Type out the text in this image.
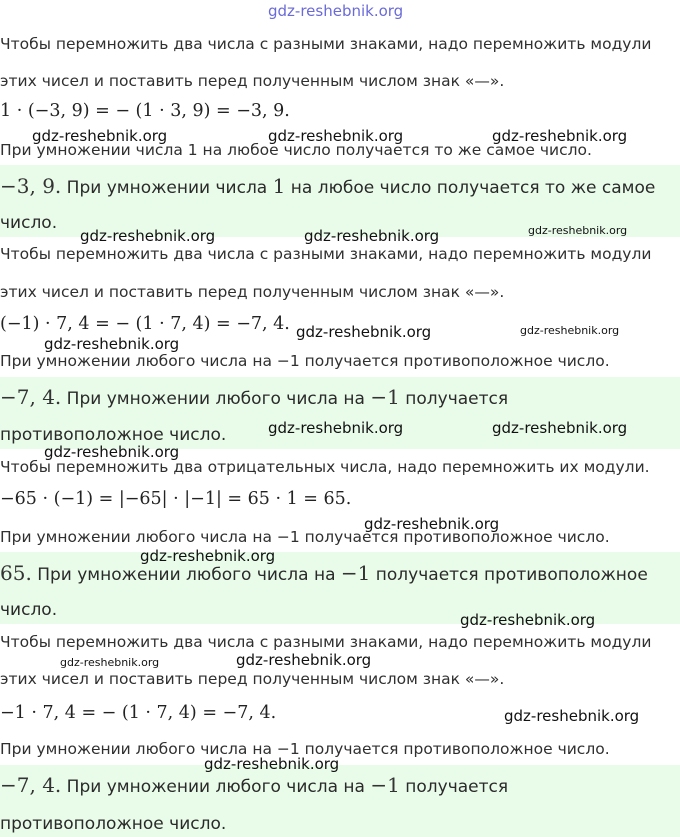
gdz-reshebnik.org
Чтобы перемножить два числа с разными знаками, надо перемножить модули
этих чисел и поставить перед полученным числом знак «—».
1 · (−3, 9) = − (1 · 3, 9) = −3, 9.
При умножении числа 1 на любое число получается то же самое число.
−3, 9. При умножении числа 1 на любое число получается то же самое
число.
Чтобы перемножить два числа с разными знаками, надо перемножить модули
этих чисел и поставить перед полученным числом знак «—».
(−1) · 7, 4 = − (1 · 7, 4) = −7, 4.
При умножении любого числа на −1 получается противоположное число.
−7, 4. При умножении любого числа на −1 получается
противоположное число.
Чтобы перемножить два отрицательных числа, надо перемножить их модули.
−65 · (−1) = |−65| · |−1| = 65 · 1 = 65.
При умножении любого числа на −1 получается противоположное число.
65. При умножении любого числа на −1 получается противоположное
число.
Чтобы перемножить два числа с разными знаками, надо перемножить модули
этих чисел и поставить перед полученным числом знак «—».
−1 · 7, 4 = − (1 · 7, 4) = −7, 4.
При умножении любого числа на −1 получается противоположное число.
−7, 4. При умножении любого числа на −1 получается
противоположное число.
gdz-reshebnik.org	gdz-reshebnik.org	gdz-reshebnik.org
gdz-reshebnik.org	gdz-reshebnik.org	gdz-reshebnik.org
gdz-reshebnik.org	gdz-reshebnik.org
gdz-reshebnik.org
gdz-reshebnik.org	gdz-reshebnik.org
gdz-reshebnik.org
gdz-reshebnik.org
gdz-reshebnik.org
gdz-reshebnik.org
gdz-reshebnik.org	gdz-reshebnik.org
gdz-reshebnik.org
gdz-reshebnik.org
